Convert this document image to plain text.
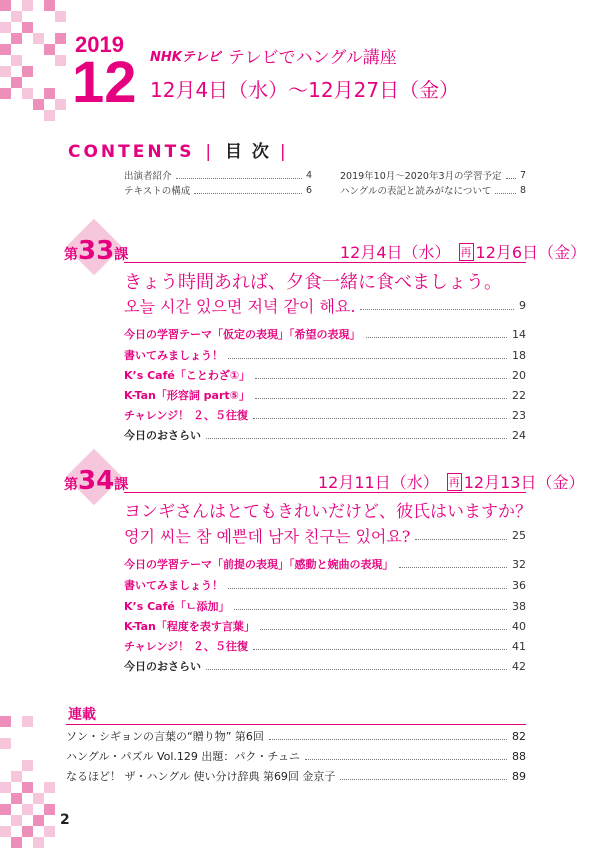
2019
12 NHKテレビ テレビでハングル講座
12月4日（水）～12月27日（金）
CONTENTS | 目 次 |
出演者紹介	4
テキストの構成	6
2019年10月～2020年3月の学習予定 7
ハングルの表記と読みがなについて	8
第33課	12月4日（水） 再 12月6日（金）
きょう時間あれば、夕食一緒に食べましょう。
오늘 시간 있으면 저녁 같이 해요.	9
今日の学習テーマ「仮定の表現」「希望の表現」	14
書いてみましょう！	18
K’s Café「ことわざ①」	20
K-Tan「形容詞 part⑤」	22
チャレンジ！ ２、５往復	23
今日のおさらい	24
第34課	12月11日（水） 再 12月13日（金）
ヨンギさんはとてもきれいだけど、彼氏はいますか？
영기 씨는 참 예쁜데 남자 친구는 있어요?	25
今日の学習テーマ「前提の表現」「感動と婉曲の表現」	32
書いてみましょう！	36
K’s Café「ㄴ添加」	38
K-Tan「程度を表す言葉」	40
チャレンジ！ ２、５往復	41
今日のおさらい	42
連載
ソン・シギョンの言葉の“贈り物” 第6回	82
ハングル・パズル Vol.129 出題：パク・チュニ	88
なるほど！ ザ・ハングル 使い分け辞典 第69回 金京子	89
2
